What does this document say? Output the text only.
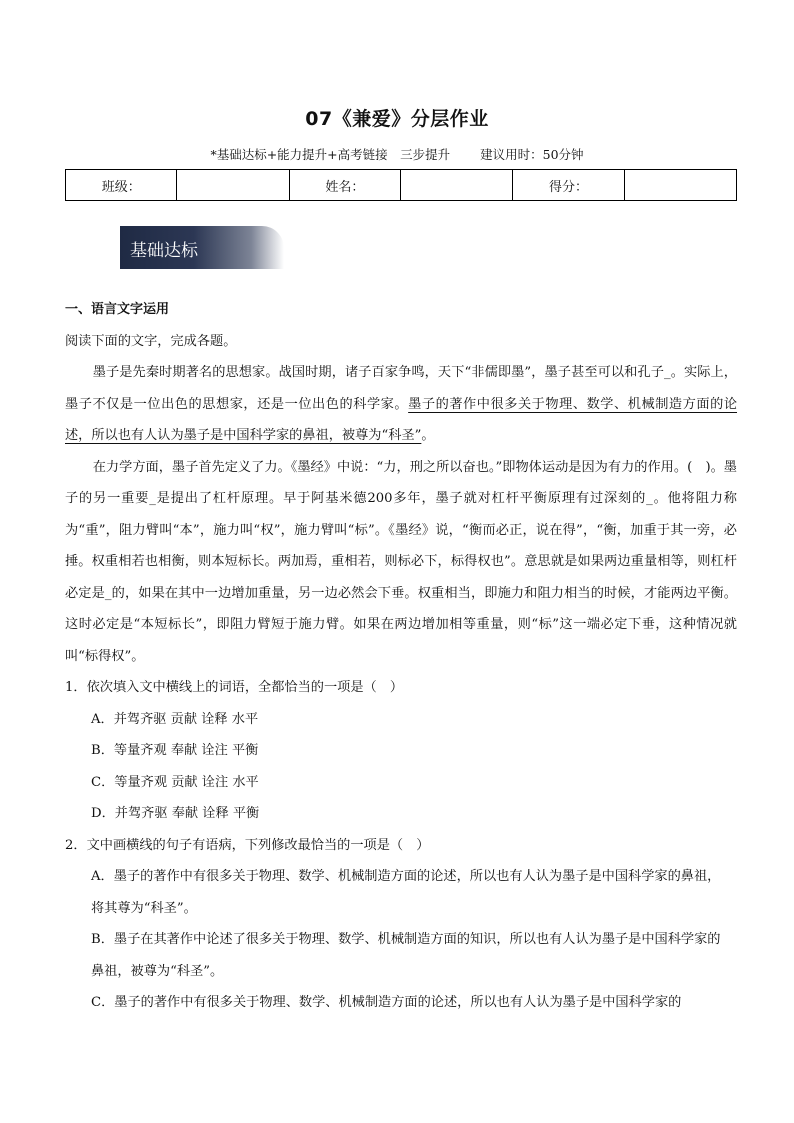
07《兼爱》分层作业
*基础达标+能力提升+高考链接　三步提升 建议用时：50分钟
班级：		姓名：		得分：	
基础达标

一、语言文字运用

阅读下面的文字，完成各题。

墨子是先秦时期著名的思想家。战国时期，诸子百家争鸣，天下“非儒即墨”，墨子甚至可以和孔子_。实际上，墨子不仅是一位出色的思想家，还是一位出色的科学家。墨子的著作中很多关于物理、数学、机械制造方面的论述，所以也有人认为墨子是中国科学家的鼻祖，被尊为“科圣”。

在力学方面，墨子首先定义了力。《墨经》中说：“力，刑之所以奋也。”即物体运动是因为有力的作用。(　)。墨子的另一重要_是提出了杠杆原理。早于阿基米德200多年，墨子就对杠杆平衡原理有过深刻的_。他将阻力称为“重”，阻力臂叫“本”，施力叫“权”，施力臂叫“标”。《墨经》说，“衡而必正，说在得”，“衡，加重于其一旁，必捶。权重相若也相衡，则本短标长。两加焉，重相若，则标必下，标得权也”。意思就是如果两边重量相等，则杠杆必定是_的，如果在其中一边增加重量，另一边必然会下垂。权重相当，即施力和阻力相当的时候，才能两边平衡。这时必定是“本短标长”，即阻力臂短于施力臂。如果在两边增加相等重量，则“标”这一端必定下垂，这种情况就叫“标得权”。

1．依次填入文中横线上的词语，全都恰当的一项是（　）

A．并驾齐驱 贡献 诠释 水平

B．等量齐观 奉献 诠注 平衡

C．等量齐观 贡献 诠注 水平

D．并驾齐驱 奉献 诠释 平衡

2．文中画横线的句子有语病，下列修改最恰当的一项是（　）

A．墨子的著作中有很多关于物理、数学、机械制造方面的论述，所以也有人认为墨子是中国科学家的鼻祖，将其尊为“科圣”。

B．墨子在其著作中论述了很多关于物理、数学、机械制造方面的知识，所以也有人认为墨子是中国科学家的鼻祖，被尊为“科圣”。

C．墨子的著作中有很多关于物理、数学、机械制造方面的论述，所以也有人认为墨子是中国科学家的
